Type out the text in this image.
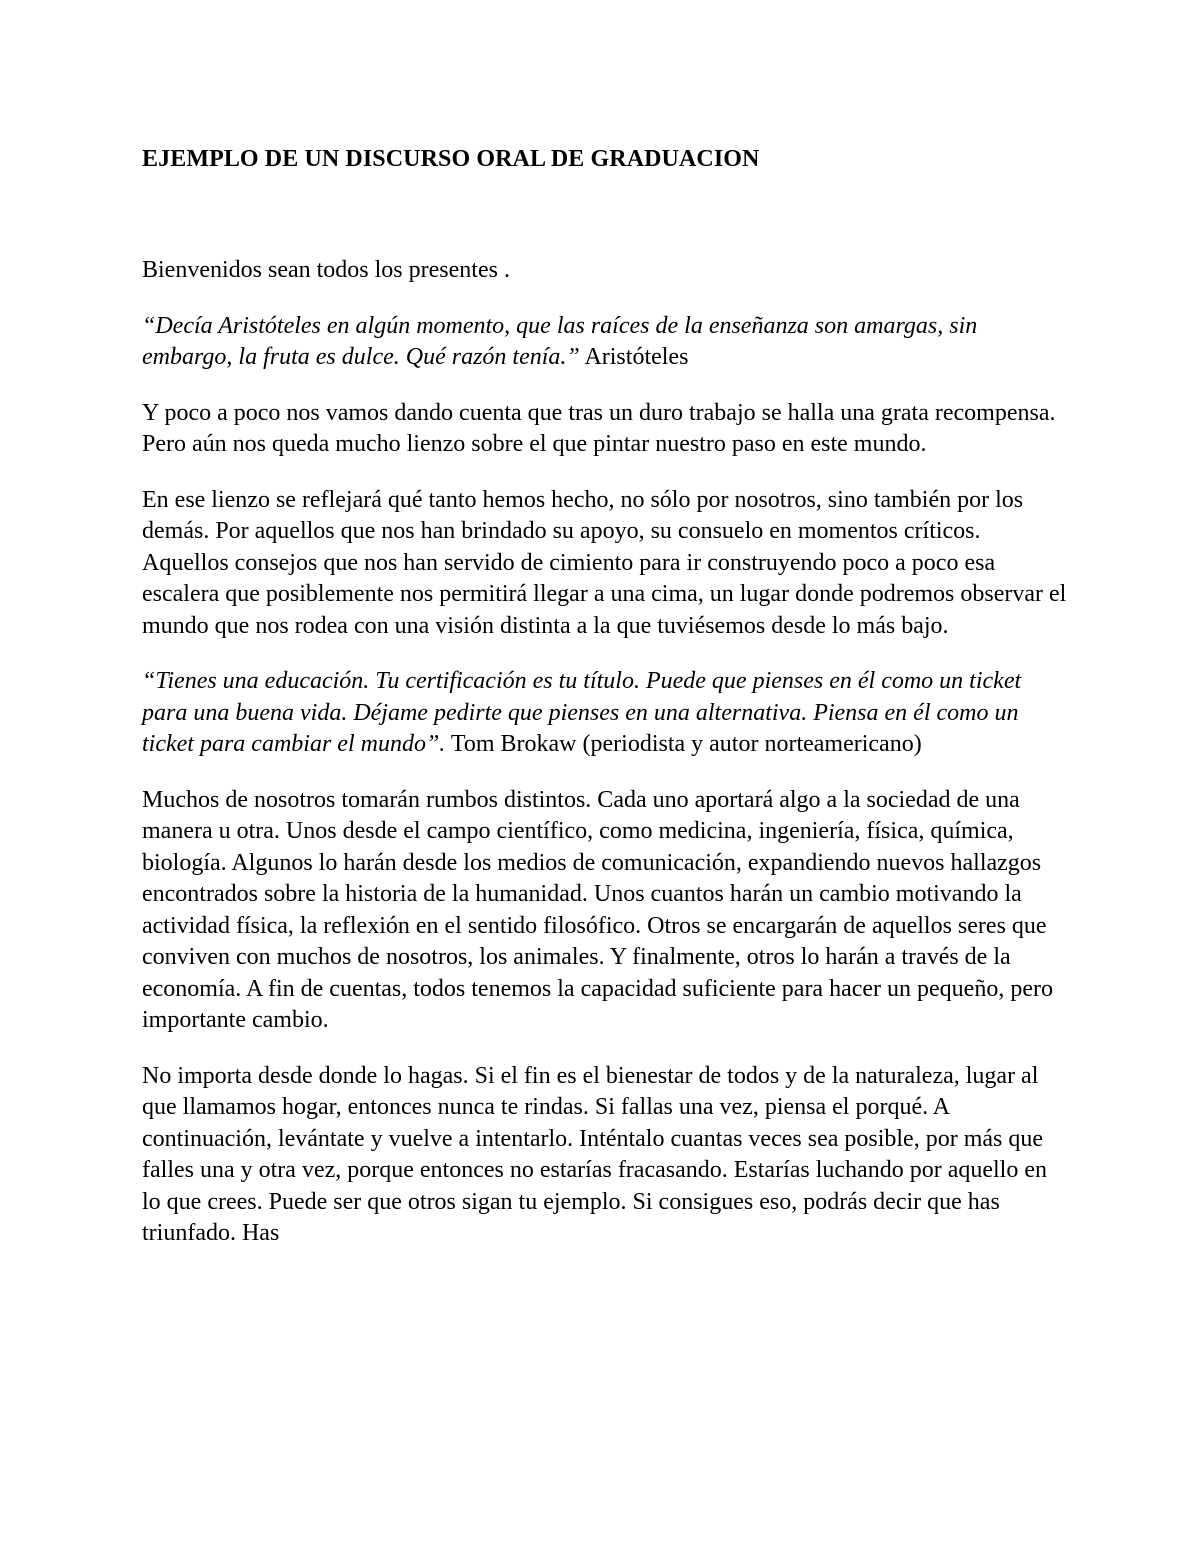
EJEMPLO DE UN DISCURSO ORAL DE GRADUACION

Bienvenidos sean todos los presentes .

“Decía Aristóteles en algún momento, que las raíces de la enseñanza son amargas, sin embargo, la fruta es dulce. Qué razón tenía.” Aristóteles

Y poco a poco nos vamos dando cuenta que tras un duro trabajo se halla una grata recompensa. Pero aún nos queda mucho lienzo sobre el que pintar nuestro paso en este mundo.

En ese lienzo se reflejará qué tanto hemos hecho, no sólo por nosotros, sino también por los demás. Por aquellos que nos han brindado su apoyo, su consuelo en momentos críticos. Aquellos consejos que nos han servido de cimiento para ir construyendo poco a poco esa escalera que posiblemente nos permitirá llegar a una cima, un lugar donde podremos observar el mundo que nos rodea con una visión distinta a la que tuviésemos desde lo más bajo.

“Tienes una educación. Tu certificación es tu título. Puede que pienses en él como un ticket para una buena vida. Déjame pedirte que pienses en una alternativa. Piensa en él como un ticket para cambiar el mundo”. Tom Brokaw (periodista y autor norteamericano)

Muchos de nosotros tomarán rumbos distintos. Cada uno aportará algo a la sociedad de una manera u otra. Unos desde el campo científico, como medicina, ingeniería, física, química, biología. Algunos lo harán desde los medios de comunicación, expandiendo nuevos hallazgos encontrados sobre la historia de la humanidad. Unos cuantos harán un cambio motivando la actividad física, la reflexión en el sentido filosófico. Otros se encargarán de aquellos seres que conviven con muchos de nosotros, los animales. Y finalmente, otros lo harán a través de la economía. A fin de cuentas, todos tenemos la capacidad suficiente para hacer un pequeño, pero importante cambio.

No importa desde donde lo hagas. Si el fin es el bienestar de todos y de la naturaleza, lugar al que llamamos hogar, entonces nunca te rindas. Si fallas una vez, piensa el porqué. A continuación, levántate y vuelve a intentarlo. Inténtalo cuantas veces sea posible, por más que falles una y otra vez, porque entonces no estarías fracasando. Estarías luchando por aquello en lo que crees. Puede ser que otros sigan tu ejemplo. Si consigues eso, podrás decir que has triunfado. Has
